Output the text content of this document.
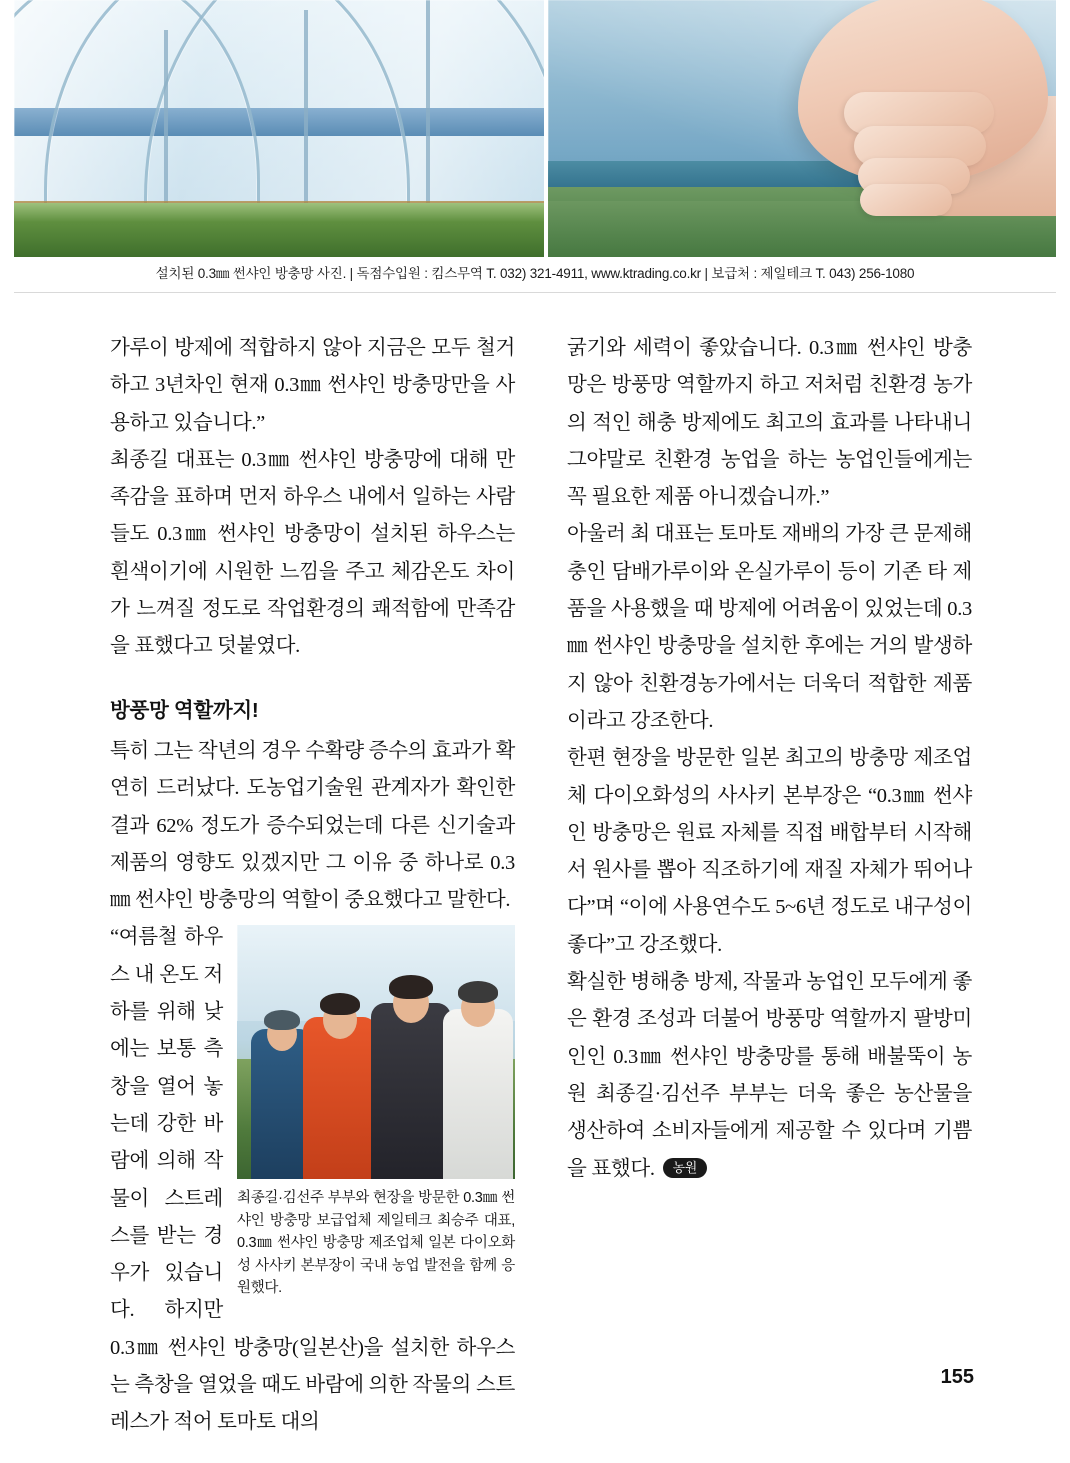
설치된 0.3㎜ 썬샤인 방충망 사진. | 독점수입원 : 킴스무역 T. 032) 321-4911, www.ktrading.co.kr | 보급처 : 제일테크 T. 043) 256-1080

가루이 방제에 적합하지 않아 지금은 모두 철거하고 3년차인 현재 0.3㎜ 썬샤인 방충망만을 사용하고 있습니다.”

최종길 대표는 0.3㎜ 썬샤인 방충망에 대해 만족감을 표하며 먼저 하우스 내에서 일하는 사람들도 0.3㎜ 썬샤인 방충망이 설치된 하우스는 흰색이기에 시원한 느낌을 주고 체감온도 차이가 느껴질 정도로 작업환경의 쾌적함에 만족감을 표했다고 덧붙였다.

방풍망 역할까지!

특히 그는 작년의 경우 수확량 증수의 효과가 확연히 드러났다. 도농업기술원 관계자가 확인한 결과 62% 정도가 증수되었는데 다른 신기술과 제품의 영향도 있겠지만 그 이유 중 하나로 0.3㎜ 썬샤인 방충망의 역할이 중요했다고 말한다.

최종길·김선주 부부와 현장을 방문한 0.3㎜ 썬샤인 방충망 보급업체 제일테크 최승주 대표, 0.3㎜ 썬샤인 방충망 제조업체 일본 다이오화성 사사키 본부장이 국내 농업 발전을 함께 응원했다.

“여름철 하우스 내 온도 저하를 위해 낮에는 보통 측창을 열어 놓는데 강한 바람에 의해 작물이 스트레스를 받는 경우가 있습니다. 하지만 0.3㎜ 썬샤인 방충망(일본산)을 설치한 하우스는 측창을 열었을 때도 바람에 의한 작물의 스트레스가 적어 토마토 대의

굵기와 세력이 좋았습니다. 0.3㎜ 썬샤인 방충망은 방풍망 역할까지 하고 저처럼 친환경 농가의 적인 해충 방제에도 최고의 효과를 나타내니 그야말로 친환경 농업을 하는 농업인들에게는 꼭 필요한 제품 아니겠습니까.”

아울러 최 대표는 토마토 재배의 가장 큰 문제해충인 담배가루이와 온실가루이 등이 기존 타 제품을 사용했을 때 방제에 어려움이 있었는데 0.3㎜ 썬샤인 방충망을 설치한 후에는 거의 발생하지 않아 친환경농가에서는 더욱더 적합한 제품이라고 강조한다.

한편 현장을 방문한 일본 최고의 방충망 제조업체 다이오화성의 사사키 본부장은 “0.3㎜ 썬샤인 방충망은 원료 자체를 직접 배합부터 시작해서 원사를 뽑아 직조하기에 재질 자체가 뛰어나다”며 “이에 사용연수도 5~6년 정도로 내구성이 좋다”고 강조했다.

확실한 병해충 방제, 작물과 농업인 모두에게 좋은 환경 조성과 더불어 방풍망 역할까지 팔방미인인 0.3㎜ 썬샤인 방충망를 통해 배불뚝이 농원 최종길·김선주 부부는 더욱 좋은 농산물을 생산하여 소비자들에게 제공할 수 있다며 기쁨을 표했다. 농원

155
